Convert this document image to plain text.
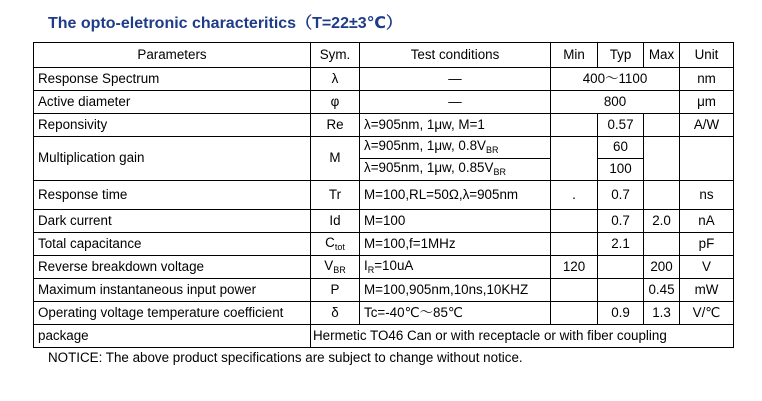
The opto-eletronic characteritics（T=22±3℃）
Parameters	Sym.	Test conditions	Min	Typ	Max	Unit
Response Spectrum	λ	—	400～1100			nm
Active diameter	φ	—	800			μm
Reponsivity	Re	λ=905nm, 1μw, M=1		0.57		A/W
Multiplication gain	M	λ=905nm, 1μw, $0.8V_{BR}$		60		
		λ=905nm, 1μw, $0.85V_{BR}$		100		
Response time	Tr	M=100,RL=50Ω,λ=905nm	.	0.7		ns
Dark current	Id	M=100		0.7	2.0	nA
Total capacitance	$C_{tot}$	M=100,f=1MHz		2.1		pF
Reverse breakdown voltage	$V_{BR}$	$I_R=10uA$	120		200	V
Maximum instantaneous input power	P	M=100,905nm,10ns,10KHZ			0.45	mW
Operating voltage temperature coefficient	δ	Tc=-40℃～85℃		0.9	1.3	V/℃
package	Hermetic TO46 Can or with receptacle or with fiber coupling					
NOTICE: The above product specifications are subject to change without notice.
